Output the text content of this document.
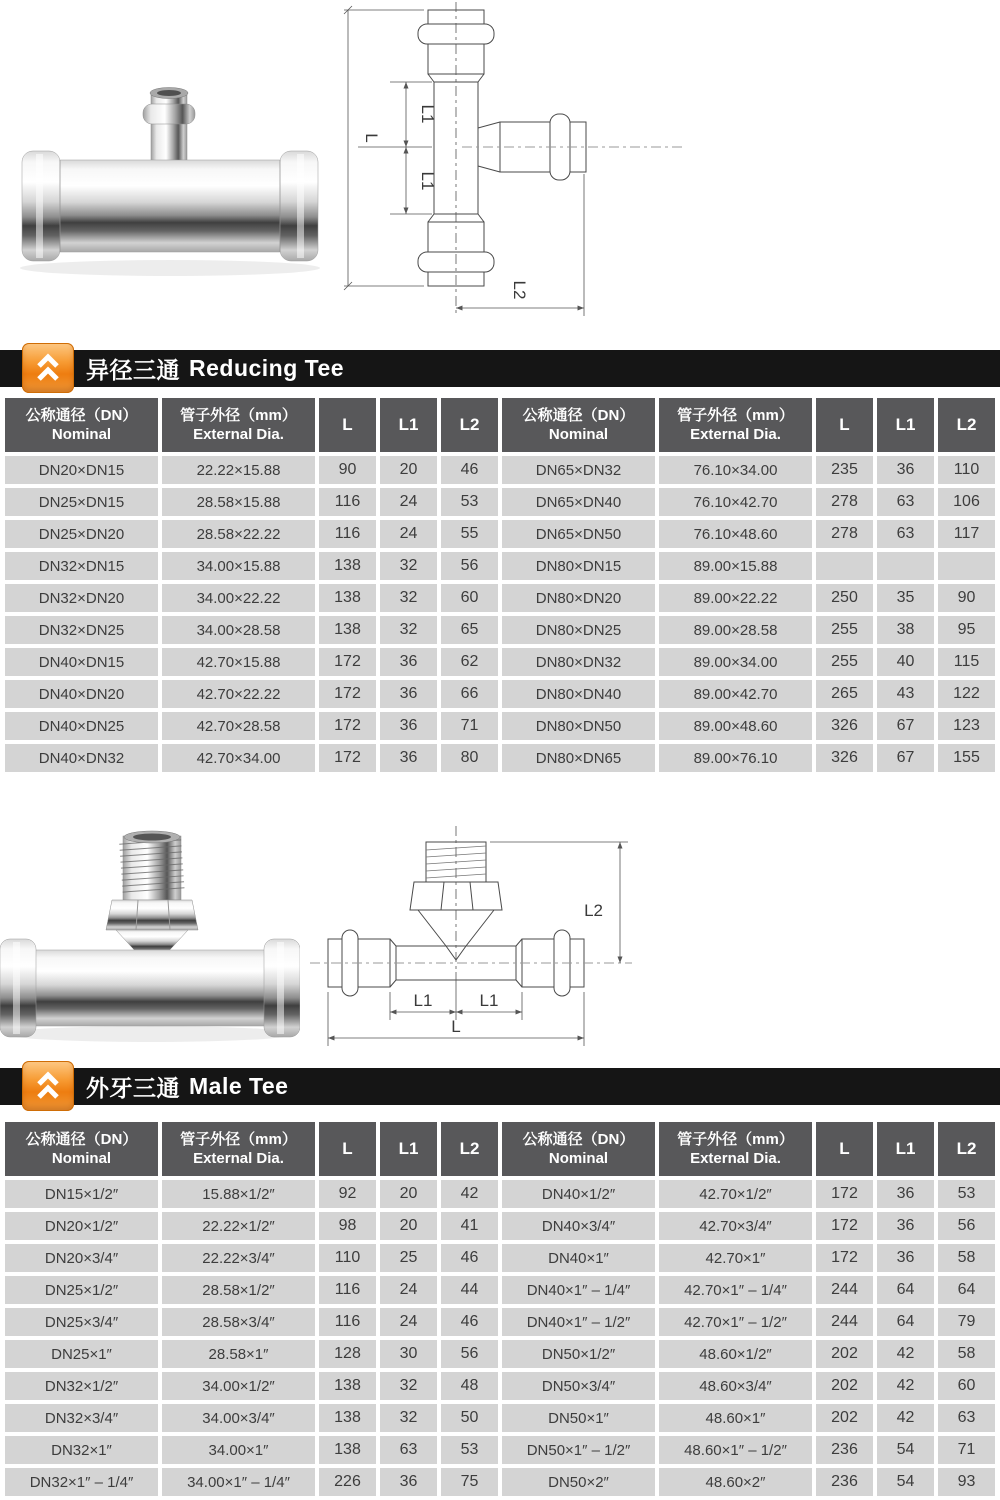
L1
L
L1
L2
异径三通 Reducing Tee
公称通径（DN）
Nominal	管子外径（mm）
External Dia.	L	L1	L2	公称通径（DN）
Nominal	管子外径（mm）
External Dia.	L	L1	L2
DN20×DN15	22.22×15.88	90	20	46	DN65×DN32	76.10×34.00	235	36	110
DN25×DN15	28.58×15.88	116	24	53	DN65×DN40	76.10×42.70	278	63	106
DN25×DN20	28.58×22.22	116	24	55	DN65×DN50	76.10×48.60	278	63	117
DN32×DN15	34.00×15.88	138	32	56	DN80×DN15	89.00×15.88			
DN32×DN20	34.00×22.22	138	32	60	DN80×DN20	89.00×22.22	250	35	90
DN32×DN25	34.00×28.58	138	32	65	DN80×DN25	89.00×28.58	255	38	95
DN40×DN15	42.70×15.88	172	36	62	DN80×DN32	89.00×34.00	255	40	115
DN40×DN20	42.70×22.22	172	36	66	DN80×DN40	89.00×42.70	265	43	122
DN40×DN25	42.70×28.58	172	36	71	DN80×DN50	89.00×48.60	326	67	123
DN40×DN32	42.70×34.00	172	36	80	DN80×DN65	89.00×76.10	326	67	155
L2
L1	L1
L
外牙三通 Male Tee
公称通径（DN）
Nominal	管子外径（mm）
External Dia.	L	L1	L2	公称通径（DN）
Nominal	管子外径（mm）
External Dia.	L	L1	L2
DN15×1/2″	15.88×1/2″	92	20	42	DN40×1/2″	42.70×1/2″	172	36	53
DN20×1/2″	22.22×1/2″	98	20	41	DN40×3/4″	42.70×3/4″	172	36	56
DN20×3/4″	22.22×3/4″	110	25	46	DN40×1″	42.70×1″	172	36	58
DN25×1/2″	28.58×1/2″	116	24	44	DN40×1″ – 1/4″	42.70×1″ – 1/4″	244	64	64
DN25×3/4″	28.58×3/4″	116	24	46	DN40×1″ – 1/2″	42.70×1″ – 1/2″	244	64	79
DN25×1″	28.58×1″	128	30	56	DN50×1/2″	48.60×1/2″	202	42	58
DN32×1/2″	34.00×1/2″	138	32	48	DN50×3/4″	48.60×3/4″	202	42	60
DN32×3/4″	34.00×3/4″	138	32	50	DN50×1″	48.60×1″	202	42	63
DN32×1″	34.00×1″	138	63	53	DN50×1″ – 1/2″	48.60×1″ – 1/2″	236	54	71
DN32×1″ – 1/4″	34.00×1″ – 1/4″	226	36	75	DN50×2″	48.60×2″	236	54	93
